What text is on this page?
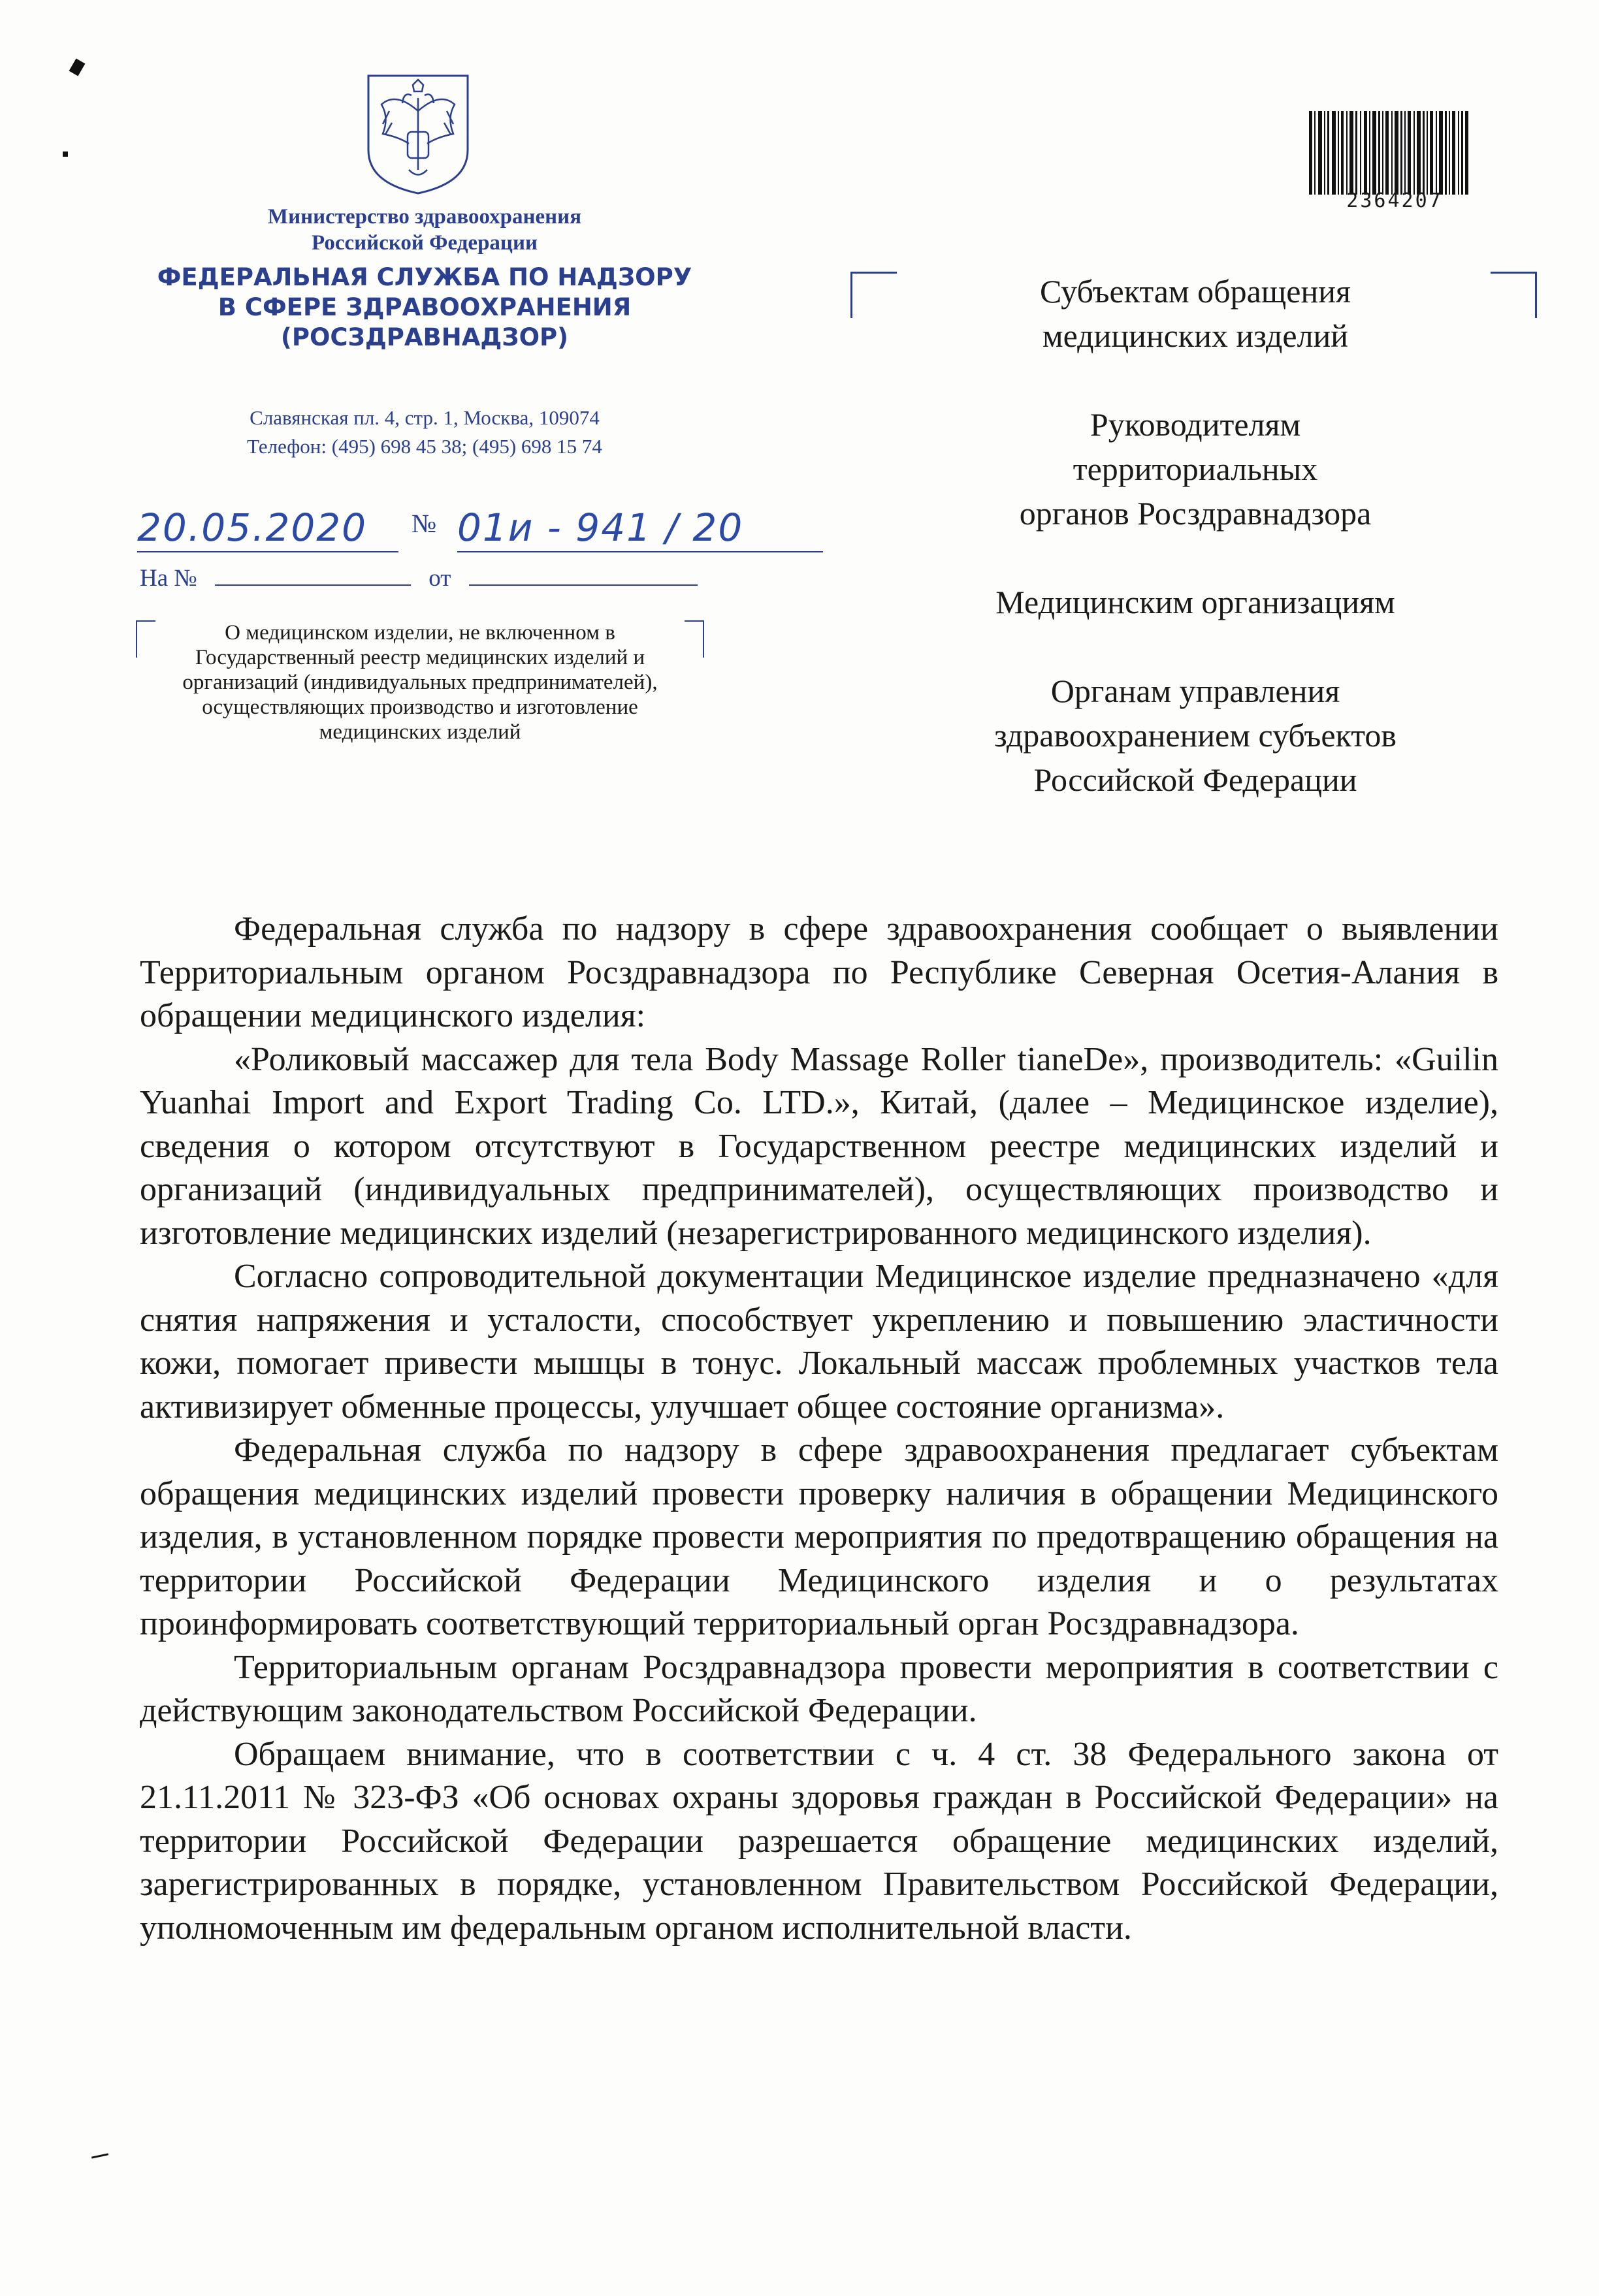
Министерство здравоохранения
Российской Федерации
ФЕДЕРАЛЬНАЯ СЛУЖБА ПО НАДЗОРУ
В СФЕРЕ ЗДРАВООХРАНЕНИЯ
(РОСЗДРАВНАДЗОР)
Славянская пл. 4, стр. 1, Москва, 109074
Телефон: (495) 698 45 38; (495) 698 15 74
20.05.2020 № 01и - 941 / 20
На №	от
О медицинском изделии, не включенном в Государственный реестр медицинских изделий и организаций (индивидуальных предпринимателей), осуществляющих производство и изготовление медицинских изделий
2364207
Субъектам обращения
медицинских изделий
Руководителям
территориальных
органов Росздравнадзора
Медицинским организациям
Органам управления
здравоохранением субъектов
Российской Федерации

Федеральная служба по надзору в сфере здравоохранения сообщает о выявлении Территориальным органом Росздравнадзора по Республике Северная Осетия-Алания в обращении медицинского изделия:

«Роликовый массажер для тела Body Massage Roller tianeDe», производитель: «Guilin Yuanhai Import and Export Trading Co. LTD.», Китай, (далее – Медицинское изделие), сведения о котором отсутствуют в Государственном реестре медицинских изделий и организаций (индивидуальных предпринимателей), осуществляющих производство и изготовление медицинских изделий (незарегистрированного медицинского изделия).

Согласно сопроводительной документации Медицинское изделие предназначено «для снятия напряжения и усталости, способствует укреплению и повышению эластичности кожи, помогает привести мышцы в тонус. Локальный массаж проблемных участков тела активизирует обменные процессы, улучшает общее состояние организма».

Федеральная служба по надзору в сфере здравоохранения предлагает субъектам обращения медицинских изделий провести проверку наличия в обращении Медицинского изделия, в установленном порядке провести мероприятия по предотвращению обращения на территории Российской Федерации Медицинского изделия и о результатах проинформировать соответствующий территориальный орган Росздравнадзора.

Территориальным органам Росздравнадзора провести мероприятия в соответствии с действующим законодательством Российской Федерации.

Обращаем внимание, что в соответствии с ч. 4 ст. 38 Федерального закона от 21.11.2011 № 323-ФЗ «Об основах охраны здоровья граждан в Российской Федерации» на территории Российской Федерации разрешается обращение медицинских изделий, зарегистрированных в порядке, установленном Правительством Российской Федерации, уполномоченным им федеральным органом исполнительной власти.
